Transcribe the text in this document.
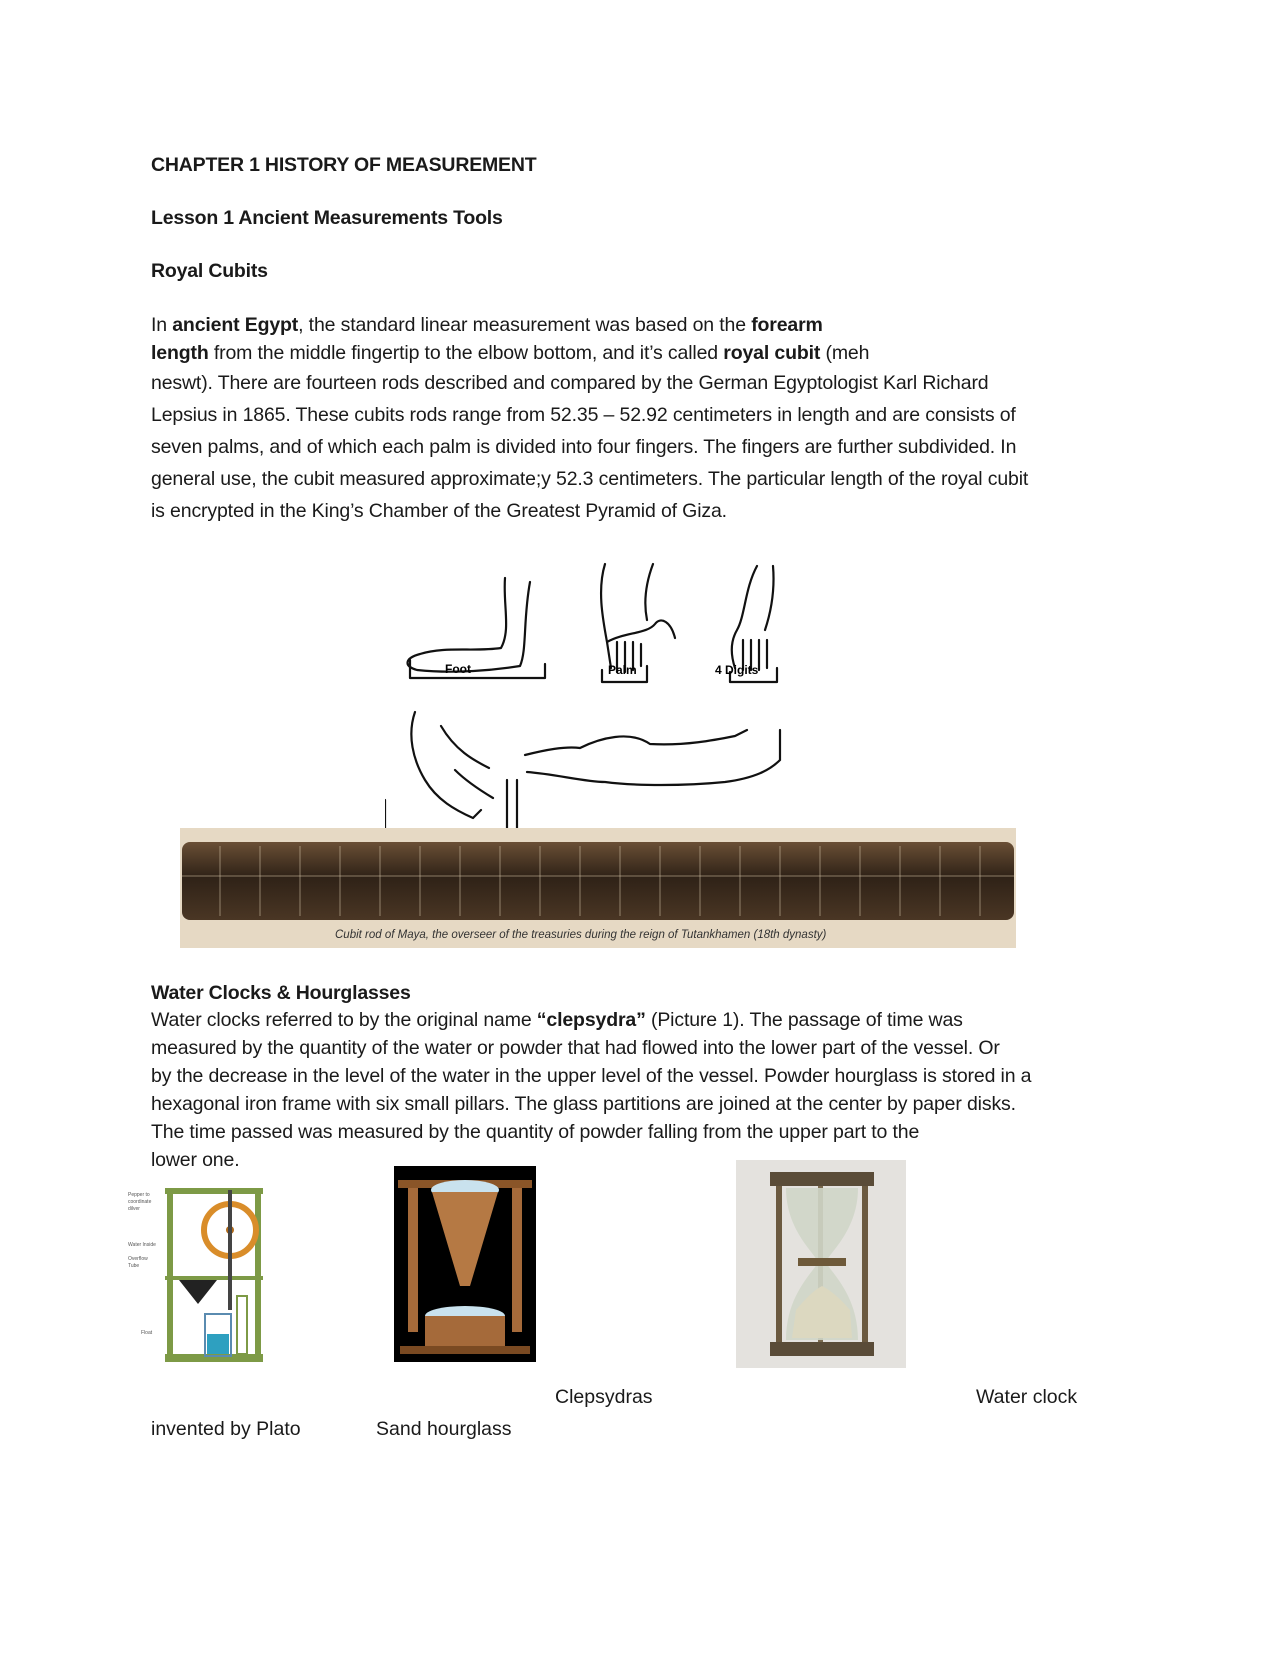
CHAPTER 1 HISTORY OF MEASUREMENT

Lesson 1 Ancient Measurements Tools

Royal Cubits

In ancient Egypt, the standard linear measurement was based on the forearm

length from the middle fingertip to the elbow bottom, and it’s called royal cubit (meh

neswt). There are fourteen rods described and compared by the German Egyptologist Karl Richard

Lepsius in 1865. These cubits rods range from 52.35 – 52.92 centimeters in length and are consists of

seven palms, and of which each palm is divided into four fingers. The fingers are further subdivided. In

general use, the cubit measured approximate;y 52.3 centimeters. The particular length of the royal cubit

is encrypted in the King’s Chamber of the Greatest Pyramid of Giza.

Foot	Palm	4 Digits
Cubit rod of Maya, the overseer of the treasuries during the reign of Tutankhamen (18th dynasty)

Water Clocks & Hourglasses

Water clocks referred to by the original name “clepsydra” (Picture 1). The passage of time was

measured by the quantity of the water or powder that had flowed into the lower part of the vessel. Or

by the decrease in the level of the water in the upper level of the vessel. Powder hourglass is stored in a

hexagonal iron frame with six small pillars. The glass partitions are joined at the center by paper disks.

The time passed was measured by the quantity of powder falling from the upper part to the

lower one.

Pepper to
coordinate
dilver
Water Inside
Overflow
Tube
Float

Clepsydras	Water clock

invented by Plato	Sand hourglass
